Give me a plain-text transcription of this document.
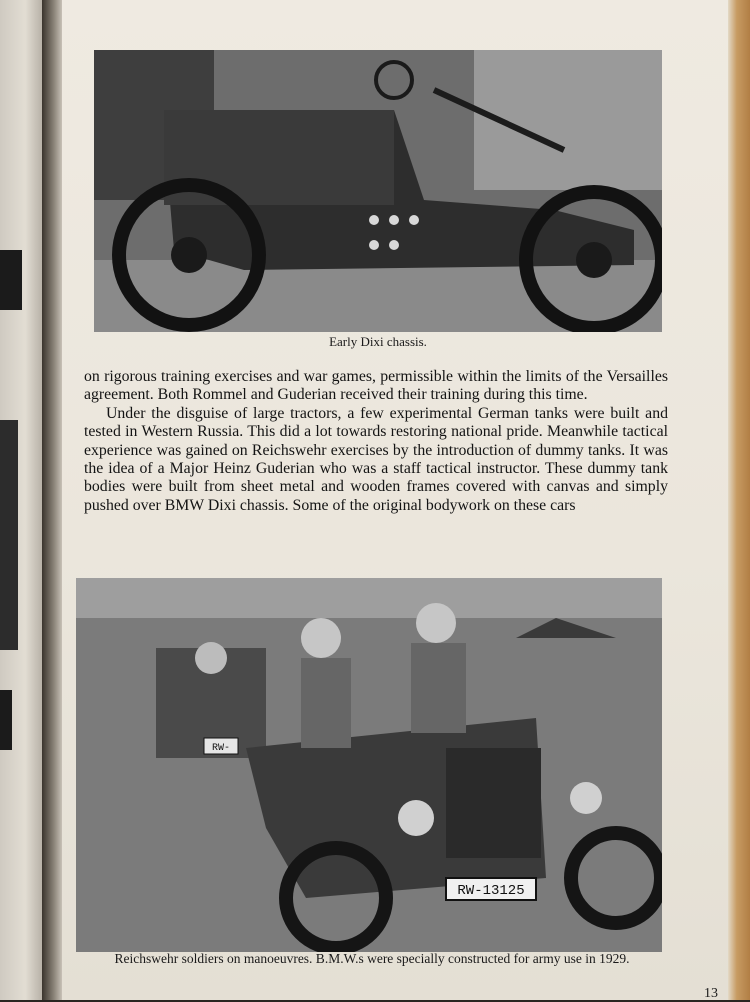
Early Dixi chassis.

on rigorous training exercises and war games, permissible within the limits of the Versailles agreement. Both Rommel and Guderian received their training during this time.

Under the disguise of large tractors, a few experimental German tanks were built and tested in Western Russia. This did a lot towards restoring national pride. Meanwhile tactical experience was gained on Reichswehr exercises by the introduction of dummy tanks. It was the idea of a Major Heinz Guderian who was a staff tactical instructor. These dummy tank bodies were built from sheet metal and wooden frames covered with canvas and simply pushed over BMW Dixi chassis. Some of the original bodywork on these cars

RW-13125
RW-
Reichswehr soldiers on manoeuvres. B.M.W.s were specially constructed for army use in 1929.
13
